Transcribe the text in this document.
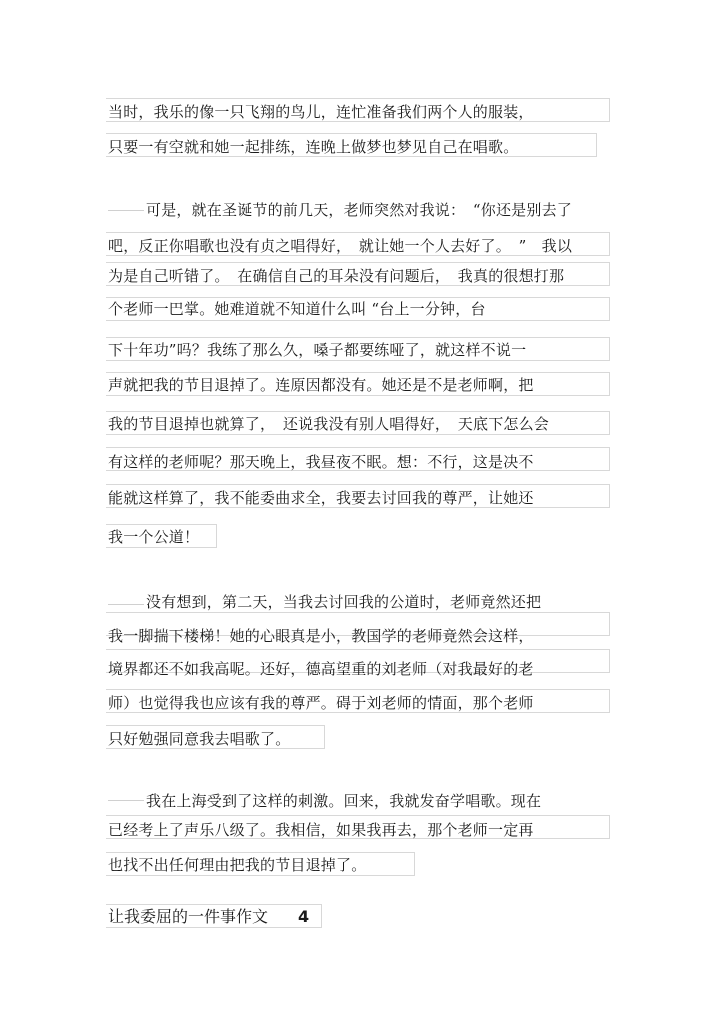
当时，我乐的像一只飞翔的鸟儿，连忙准备我们两个人的服装，
只要一有空就和她一起排练，连晚上做梦也梦见自己在唱歌。
可是，就在圣诞节的前几天，老师突然对我说：　“你还是别去了
吧，反正你唱歌也没有贞之唱得好，　就让她一个人去好了。　”　我以
为是自己听错了。　在确信自己的耳朵没有问题后，　我真的很想打那
个老师一巴掌。她难道就不知道什么叫 “台上一分钟，台
下十年功”吗？我练了那么久，嗓子都要练哑了，就这样不说一
声就把我的节目退掉了。连原因都没有。她还是不是老师啊，把
我的节目退掉也就算了，　还说我没有别人唱得好，　天底下怎么会
有这样的老师呢？那天晚上，我昼夜不眠。想：不行，这是决不
能就这样算了，我不能委曲求全，我要去讨回我的尊严，让她还
我一个公道！
没有想到，第二天，当我去讨回我的公道时，老师竟然还把
我一脚揣下楼梯！她的心眼真是小，教国学的老师竟然会这样，
境界都还不如我高呢。还好，德高望重的刘老师（对我最好的老
师）也觉得我也应该有我的尊严。碍于刘老师的情面，那个老师
只好勉强同意我去唱歌了。
我在上海受到了这样的刺激。回来，我就发奋学唱歌。现在
已经考上了声乐八级了。我相信，如果我再去，那个老师一定再
也找不出任何理由把我的节目退掉了。
让我委屈的一件事作文 4
